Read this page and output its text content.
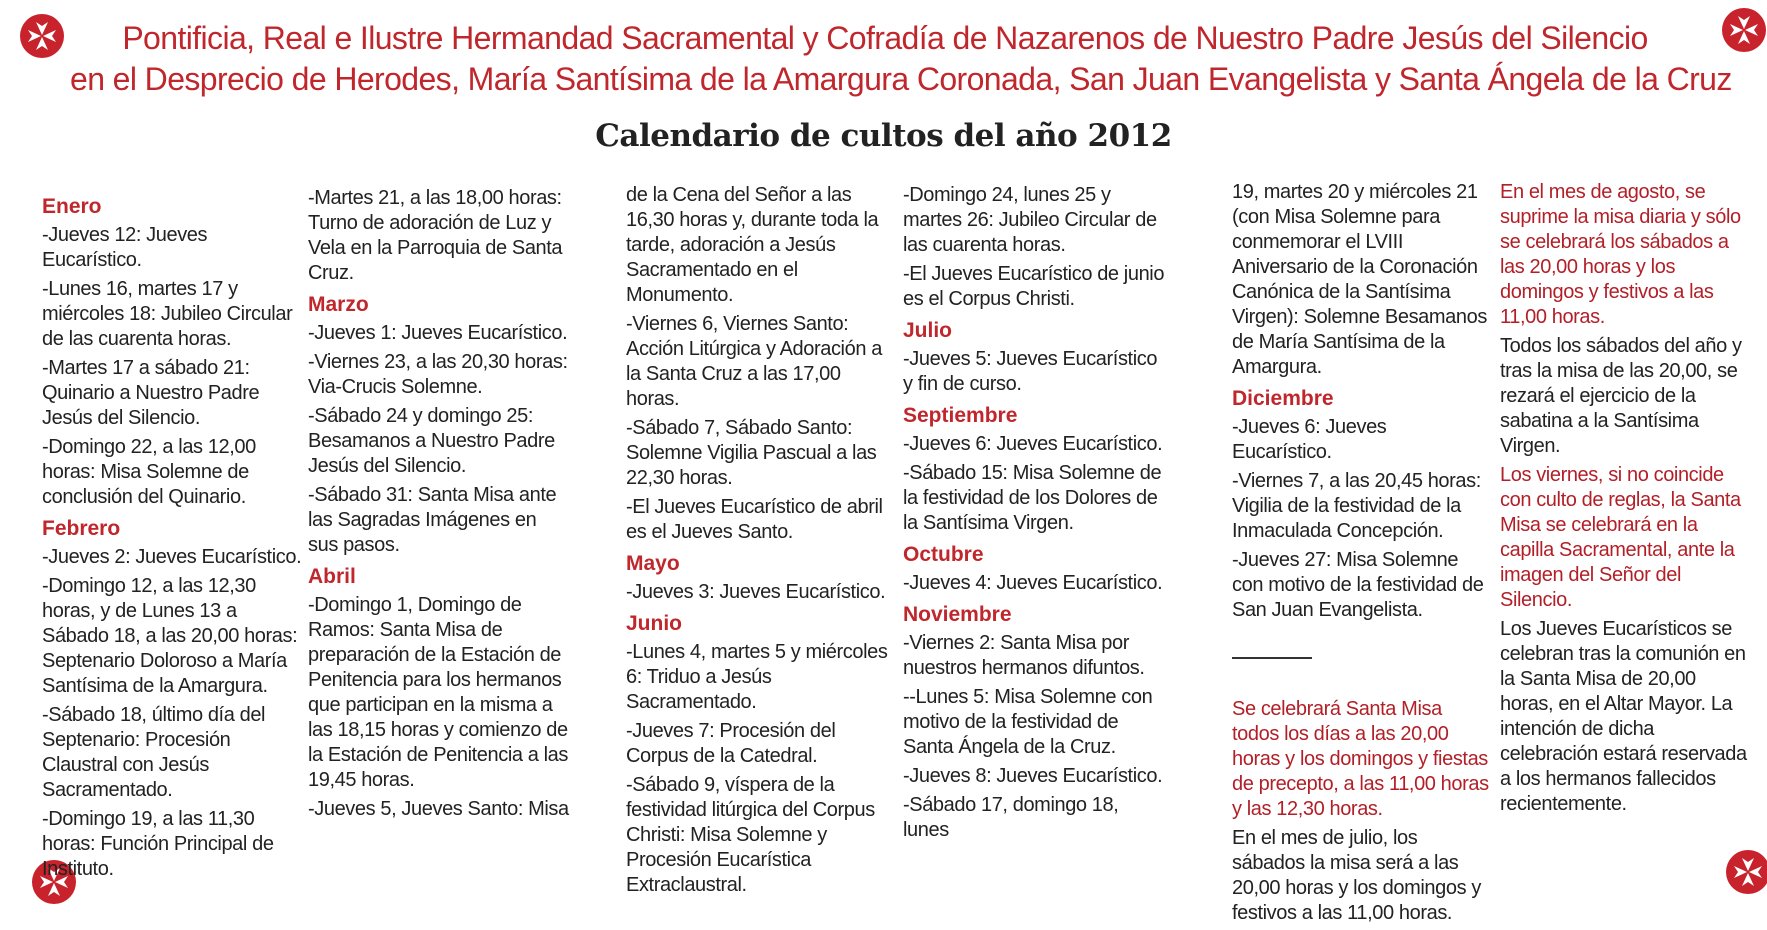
Pontificia, Real e Ilustre Hermandad Sacramental y Cofradía de Nazarenos de Nuestro Padre Jesús del Silencio
en el Desprecio de Herodes, María Santísima de la Amargura Coronada, San Juan Evangelista y Santa Ángela de la Cruz
Calendario de cultos del año 2012
Enero

-Jueves 12: Jueves Eucarístico.

-Lunes 16, martes 17 y miércoles 18: Jubileo Circular de las cuarenta horas.

-Martes 17 a sábado 21: Quinario a Nuestro Padre Jesús del Silencio.

-Domingo 22, a las 12,00 horas: Misa Solemne de conclusión del Quinario.

Febrero

-Jueves 2: Jueves Eucarístico.

-Domingo 12, a las 12,30 horas, y de Lunes 13 a Sábado 18, a las 20,00 horas: Septenario Doloroso a María Santísima de la Amargura.

-Sábado 18, último día del Septenario: Procesión Claustral con Jesús Sacramentado.

-Domingo 19, a las 11,30 horas: Función Principal de Instituto.

-Martes 21, a las 18,00 horas: Turno de adoración de Luz y Vela en la Parroquia de Santa Cruz.

Marzo

-Jueves 1: Jueves Eucarístico.

-Viernes 23, a las 20,30 horas: Via-Crucis Solemne.

-Sábado 24 y domingo 25: Besamanos a Nuestro Padre Jesús del Silencio.

-Sábado 31: Santa Misa ante las Sagradas Imágenes en sus pasos.

Abril

-Domingo 1, Domingo de Ramos: Santa Misa de preparación de la Estación de Penitencia para los hermanos que participan en la misma a las 18,15 horas y comienzo de la Estación de Penitencia a las 19,45 horas.

-Jueves 5, Jueves Santo: Misa

de la Cena del Señor a las 16,30 horas y, durante toda la tarde, adoración a Jesús Sacramentado en el Monumento.

-Viernes 6, Viernes Santo: Acción Litúrgica y Adoración a la Santa Cruz a las 17,00 horas.

-Sábado 7, Sábado Santo: Solemne Vigilia Pascual a las 22,30 horas.

-El Jueves Eucarístico de abril es el Jueves Santo.

Mayo

-Jueves 3: Jueves Eucarístico.

Junio

-Lunes 4, martes 5 y miércoles 6: Triduo a Jesús Sacramentado.

-Jueves 7: Procesión del Corpus de la Catedral.

-Sábado 9, víspera de la festividad litúrgica del Corpus Christi: Misa Solemne y Procesión Eucarística Extraclaustral.

-Domingo 24, lunes 25 y martes 26: Jubileo Circular de las cuarenta horas.

-El Jueves Eucarístico de junio es el Corpus Christi.

Julio

-Jueves 5: Jueves Eucarístico y fin de curso.

Septiembre

-Jueves 6: Jueves Eucarístico.

-Sábado 15: Misa Solemne de la festividad de los Dolores de la Santísima Virgen.

Octubre

-Jueves 4: Jueves Eucarístico.

Noviembre

-Viernes 2: Santa Misa por nuestros hermanos difuntos.

--Lunes 5: Misa Solemne con motivo de la festividad de Santa Ángela de la Cruz.

-Jueves 8: Jueves Eucarístico.

-Sábado 17, domingo 18, lunes

19, martes 20 y miércoles 21 (con Misa Solemne para conmemorar el LVIII Aniversario de la Coronación Canónica de la Santísima Virgen): Solemne Besamanos de María Santísima de la Amargura.

Diciembre

-Jueves 6: Jueves Eucarístico.

-Viernes 7, a las 20,45 horas: Vigilia de la festividad de la Inmaculada Concepción.

-Jueves 27: Misa Solemne con motivo de la festividad de San Juan Evangelista.

Se celebrará Santa Misa todos los días a las 20,00 horas y los domingos y fiestas de precepto, a las 11,00 horas y las 12,30 horas.

En el mes de julio, los sábados la misa será a las 20,00 horas y los domingos y festivos a las 11,00 horas.

En el mes de agosto, se suprime la misa diaria y sólo se celebrará los sábados a las 20,00 horas y los domingos y festivos a las 11,00 horas.

Todos los sábados del año y tras la misa de las 20,00, se rezará el ejercicio de la sabatina a la Santísima Virgen.

Los viernes, si no coincide con culto de reglas, la Santa Misa se celebrará en la capilla Sacramental, ante la imagen del Señor del Silencio.

Los Jueves Eucarísticos se celebran tras la comunión en la Santa Misa de 20,00 horas, en el Altar Mayor. La intención de dicha celebración estará reservada a los hermanos fallecidos recientemente.
